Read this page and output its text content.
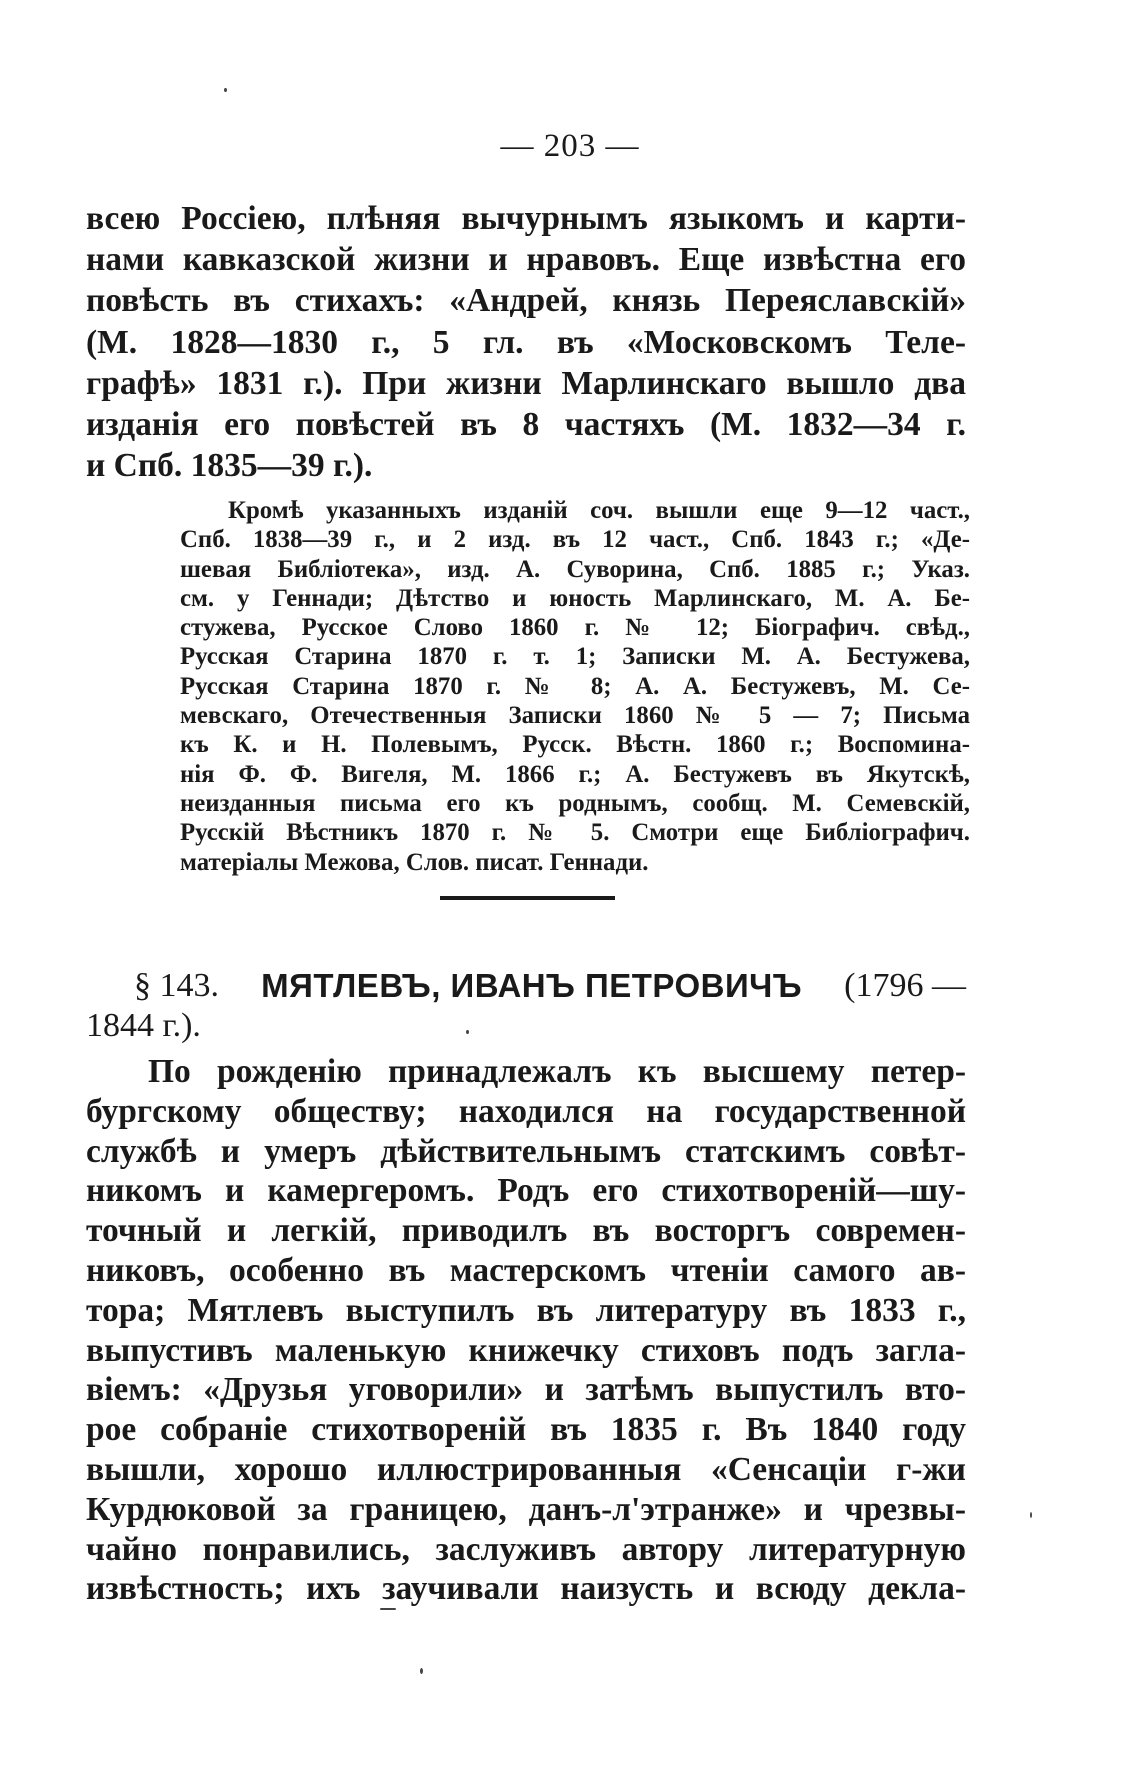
— 203 —
всею Россіею, плѣняя вычурнымъ языкомъ и карти-
нами кавказской жизни и нравовъ. Еще извѣстна его
повѣсть въ стихахъ: «Андрей, князь Переяславскій»
(М. 1828—1830 г., 5 гл. въ «Московскомъ Теле-
графѣ» 1831 г.). При жизни Марлинскаго вышло два
изданія его повѣстей въ 8 частяхъ (М. 1832—34 г.
и Спб. 1835—39 г.).
Кромѣ указанныхъ изданій соч. вышли еще 9—12 част.,
Спб. 1838—39 г., и 2 изд. въ 12 част., Спб. 1843 г.; «Де-
шевая Библіотека», изд. А. Суворина, Спб. 1885 г.; Указ.
см. у Геннади; Дѣтство и юность Марлинскаго, М. А. Бе-
стужева, Русское Слово 1860 г. № 12; Біографич. свѣд.,
Русская Старина 1870 г. т. 1; Записки М. А. Бестужева,
Русская Старина 1870 г. № 8; А. А. Бестужевъ, М. Се-
мевскаго, Отечественныя Записки 1860 № 5 — 7; Письма
къ К. и Н. Полевымъ, Русск. Вѣстн. 1860 г.; Воспомина-
нія Ф. Ф. Вигеля, М. 1866 г.; А. Бестужевъ въ Якутскѣ,
неизданныя письма его къ роднымъ, сообщ. М. Семевскій,
Русскій Вѣстникъ 1870 г. № 5. Смотри еще Библіографич.
матеріалы Межова, Слов. писат. Геннади.
§ 143. МЯТЛЕВЪ, ИВАНЪ ПЕТРОВИЧЪ (1796 —
1844 г.).
По рожденію принадлежалъ къ высшему петер-
бургскому обществу; находился на государственной
службѣ и умеръ дѣйствительнымъ статскимъ совѣт-
никомъ и камергеромъ. Родъ его стихотвореній—шу-
точный и легкій, приводилъ въ восторгъ современ-
никовъ, особенно въ мастерскомъ чтеніи самого ав-
тора; Мятлевъ выступилъ въ литературу въ 1833 г.,
выпустивъ маленькую книжечку стиховъ подъ загла-
віемъ: «Друзья уговорили» и затѣмъ выпустилъ вто-
рое собраніе стихотвореній въ 1835 г. Въ 1840 году
вышли, хорошо иллюстрированныя «Сенсаціи г-жи
Курдюковой за границею, данъ-л'этранже» и чрезвы-
чайно понравились, заслуживъ автору литературную
извѣстность; ихъ заучивали наизусть и всюду декла-
